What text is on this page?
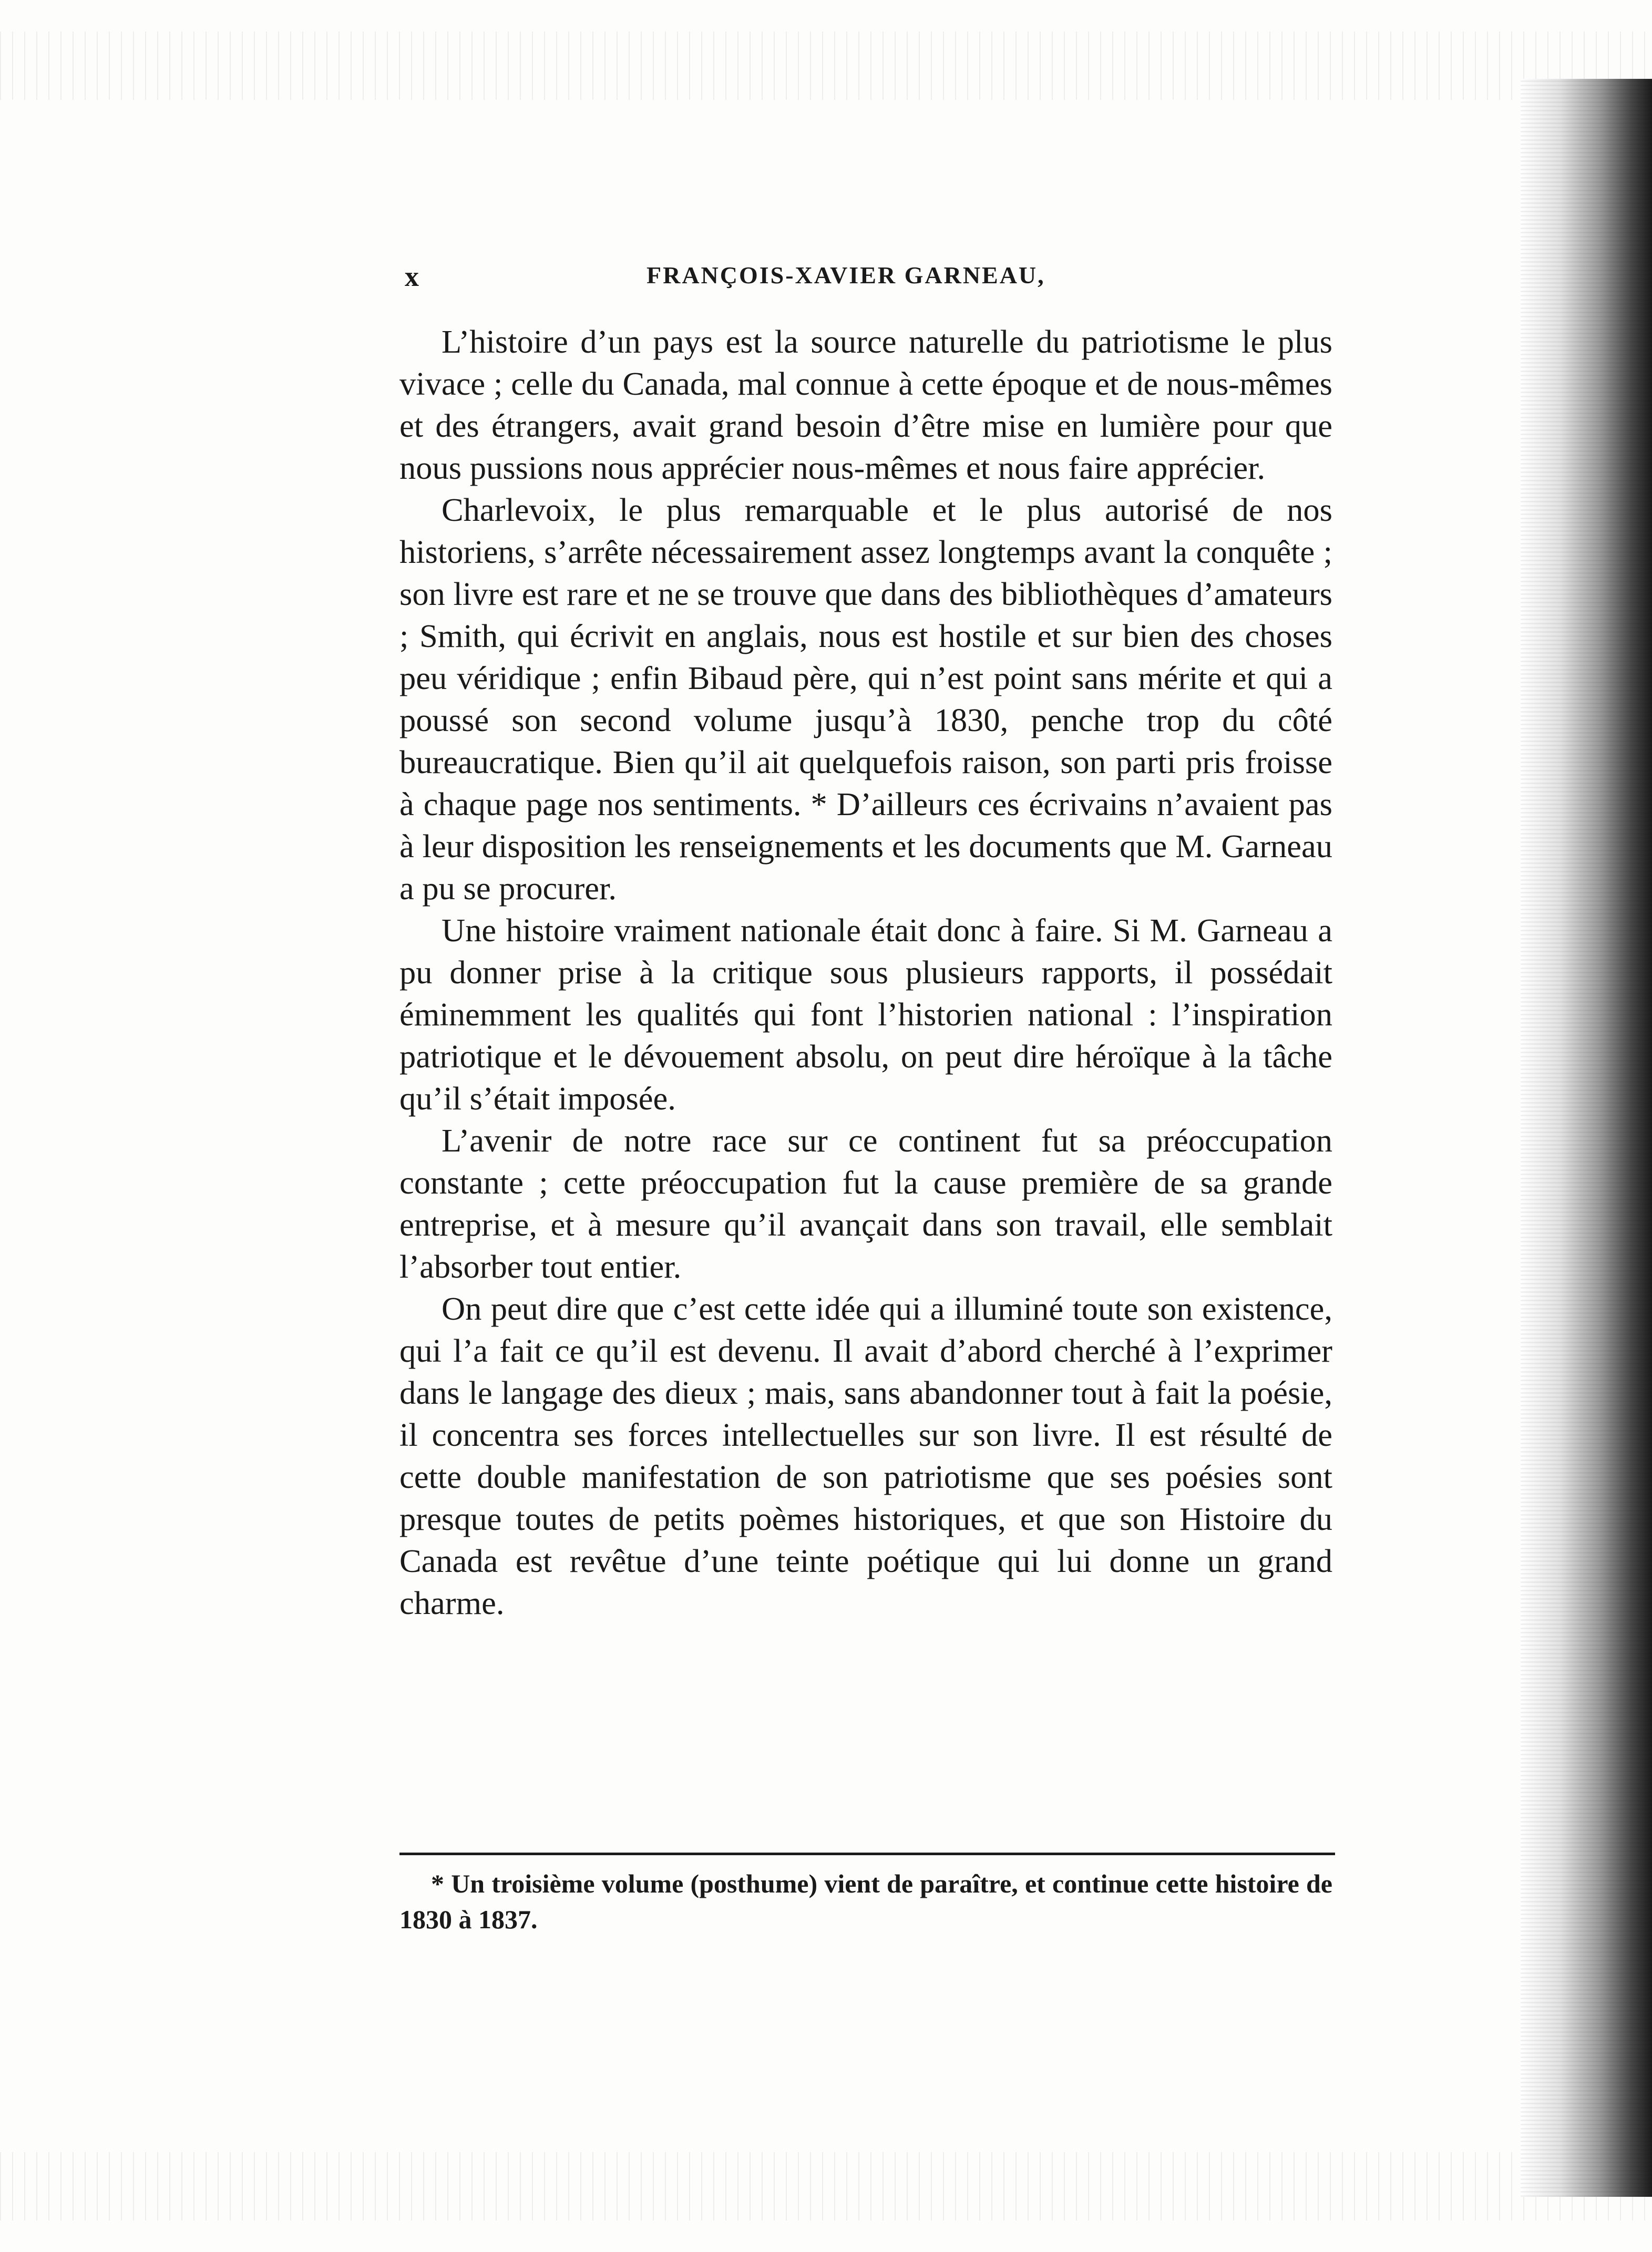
x	FRANÇOIS-XAVIER GARNEAU,

L’histoire d’un pays est la source naturelle du patriotisme le plus vivace ; celle du Canada, mal connue à cette époque et de nous-mêmes et des étrangers, avait grand besoin d’être mise en lumière pour que nous pussions nous apprécier nous-mêmes et nous faire apprécier.

Charlevoix, le plus remarquable et le plus autorisé de nos historiens, s’arrête nécessairement assez longtemps avant la conquête ; son livre est rare et ne se trouve que dans des bibliothèques d’amateurs ; Smith, qui écrivit en anglais, nous est hostile et sur bien des choses peu véridique ; enfin Bibaud père, qui n’est point sans mérite et qui a poussé son second volume jusqu’à 1830, penche trop du côté bureaucratique. Bien qu’il ait quelquefois raison, son parti pris froisse à chaque page nos sentiments. * D’ailleurs ces écrivains n’avaient pas à leur disposition les renseignements et les documents que M. Garneau a pu se procurer.

Une histoire vraiment nationale était donc à faire. Si M. Garneau a pu donner prise à la critique sous plusieurs rapports, il possédait éminemment les qualités qui font l’historien national : l’inspiration patriotique et le dévouement absolu, on peut dire héroïque à la tâche qu’il s’était imposée.

L’avenir de notre race sur ce continent fut sa préoccupation constante ; cette préoccupation fut la cause première de sa grande entreprise, et à mesure qu’il avançait dans son travail, elle semblait l’absorber tout entier.

On peut dire que c’est cette idée qui a illuminé toute son existence, qui l’a fait ce qu’il est devenu. Il avait d’abord cherché à l’exprimer dans le langage des dieux ; mais, sans abandonner tout à fait la poésie, il concentra ses forces intellectuelles sur son livre. Il est résulté de cette double manifestation de son patriotisme que ses poésies sont presque toutes de petits poèmes historiques, et que son Histoire du Canada est revêtue d’une teinte poétique qui lui donne un grand charme.

* Un troisième volume (posthume) vient de paraître, et continue cette histoire de 1830 à 1837.
